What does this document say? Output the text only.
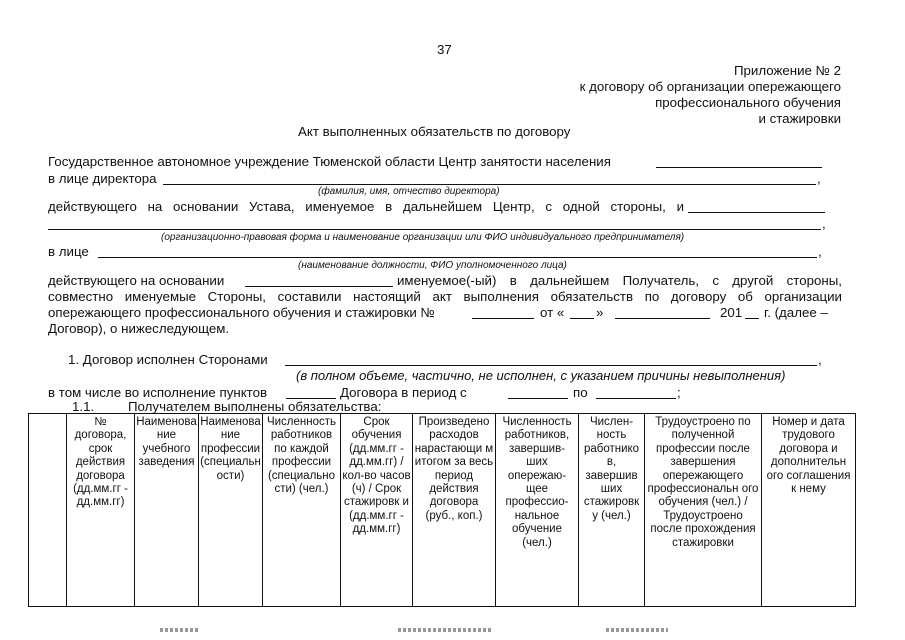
37
Приложение № 2
к договору об организации опережающего
профессионального обучения
и стажировки
Акт выполненных обязательств по договору
Государственное автономное учреждение Тюменской области Центр занятости населения
в лице директора	,
(фамилия, имя, отчество директора)
действующего на основании Устава, именуемое в дальнейшем Центр, с одной стороны, и
,
(организационно-правовая форма и наименование организации или ФИО индивидуального предпринимателя)
в лице	,
(наименование должности, ФИО уполномоченного лица)
действующего на основании	именуемое(-ый) в дальнейшем Получатель, с другой стороны,
совместно именуемые Стороны, составили настоящий акт выполнения обязательств по договору об организации
опережающего профессионального обучения и стажировки №	от « »	201 г. (далее –
Договор), о нижеследующем.
1. Договор исполнен Сторонами	,
(в полном объеме, частично, не исполнен, с указанием причины невыполнения)
в том числе во исполнение пунктов	Договора в период с	по	;
1.1.	Получателем выполнены обязательства:
	№ договора, срок действия договора (дд.мм.гг - дд.мм.гг)	Наименова ние учебного заведения	Наименова ние профессии (специальн ости)	Численность работников по каждой профессии (специально сти) (чел.)	Срок обучения (дд.мм.гг - дд.мм.гг) / кол-во часов (ч) / Срок стажировк и (дд.мм.гг - дд.мм.гг)	Произведено расходов нарастающи м итогом за весь период действия договора (руб., коп.)	Численность работников, завершив- ших опережаю- щее профессио- нальное обучение (чел.)	Числен- ность работнико в, завершив ших стажировк у (чел.)	Трудоустроено по полученной профессии после завершения опережающего профессиональн ого обучения (чел.) / Трудоустроено после прохождения стажировки	Номер и дата трудового договора и дополнительн ого соглашения к нему
